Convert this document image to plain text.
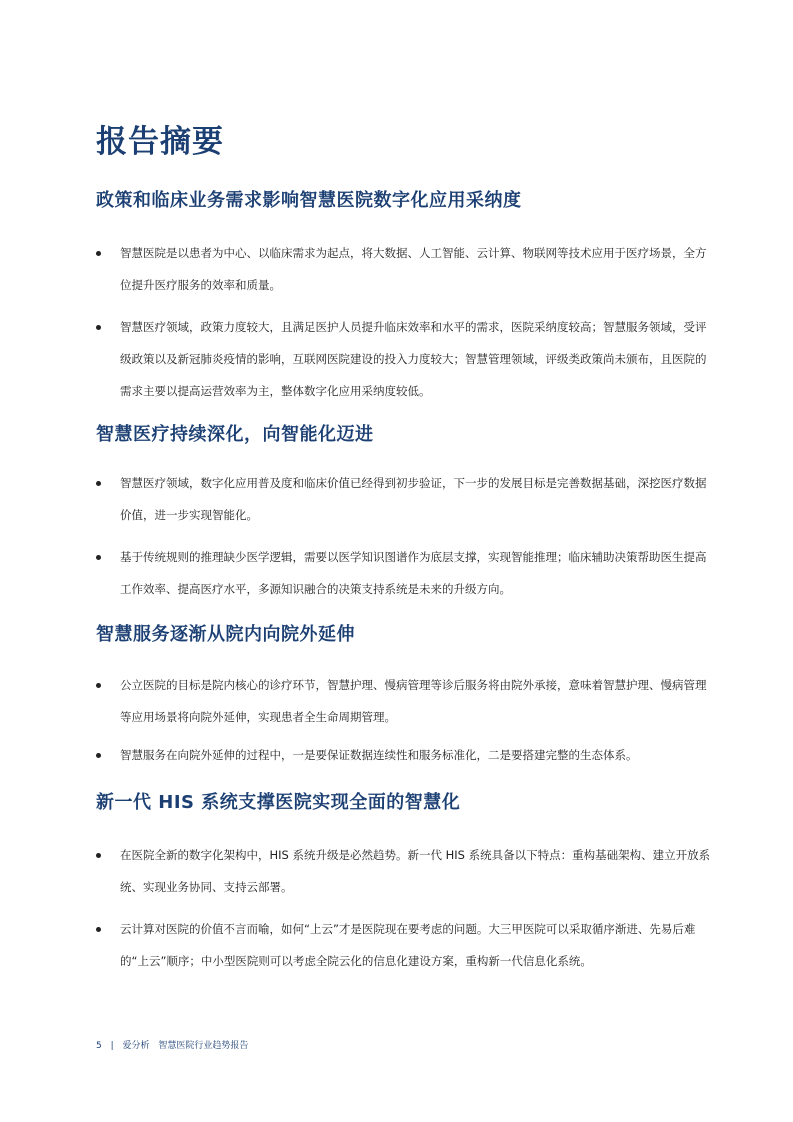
报告摘要
政策和临床业务需求影响智慧医院数字化应用采纳度
智慧医院是以患者为中心、以临床需求为起点，将大数据、人工智能、云计算、物联网等技术应用于医疗场景，全方位提升医疗服务的效率和质量。
智慧医疗领域，政策力度较大，且满足医护人员提升临床效率和水平的需求，医院采纳度较高；智慧服务领域，受评级政策以及新冠肺炎疫情的影响，互联网医院建设的投入力度较大；智慧管理领域，评级类政策尚未颁布，且医院的需求主要以提高运营效率为主，整体数字化应用采纳度较低。
智慧医疗持续深化，向智能化迈进
智慧医疗领域，数字化应用普及度和临床价值已经得到初步验证，下一步的发展目标是完善数据基础，深挖医疗数据价值，进一步实现智能化。
基于传统规则的推理缺少医学逻辑，需要以医学知识图谱作为底层支撑，实现智能推理；临床辅助决策帮助医生提高工作效率、提高医疗水平，多源知识融合的决策支持系统是未来的升级方向。
智慧服务逐渐从院内向院外延伸
公立医院的目标是院内核心的诊疗环节，智慧护理、慢病管理等诊后服务将由院外承接，意味着智慧护理、慢病管理等应用场景将向院外延伸，实现患者全生命周期管理。
智慧服务在向院外延伸的过程中，一是要保证数据连续性和服务标准化，二是要搭建完整的生态体系。
新一代 HIS 系统支撑医院实现全面的智慧化
在医院全新的数字化架构中，HIS 系统升级是必然趋势。新一代 HIS 系统具备以下特点：重构基础架构、建立开放系统、实现业务协同、支持云部署。
云计算对医院的价值不言而喻，如何“上云”才是医院现在要考虑的问题。大三甲医院可以采取循序渐进、先易后难的“上云”顺序；中小型医院则可以考虑全院云化的信息化建设方案，重构新一代信息化系统。
5 | 爱分析 智慧医院行业趋势报告
